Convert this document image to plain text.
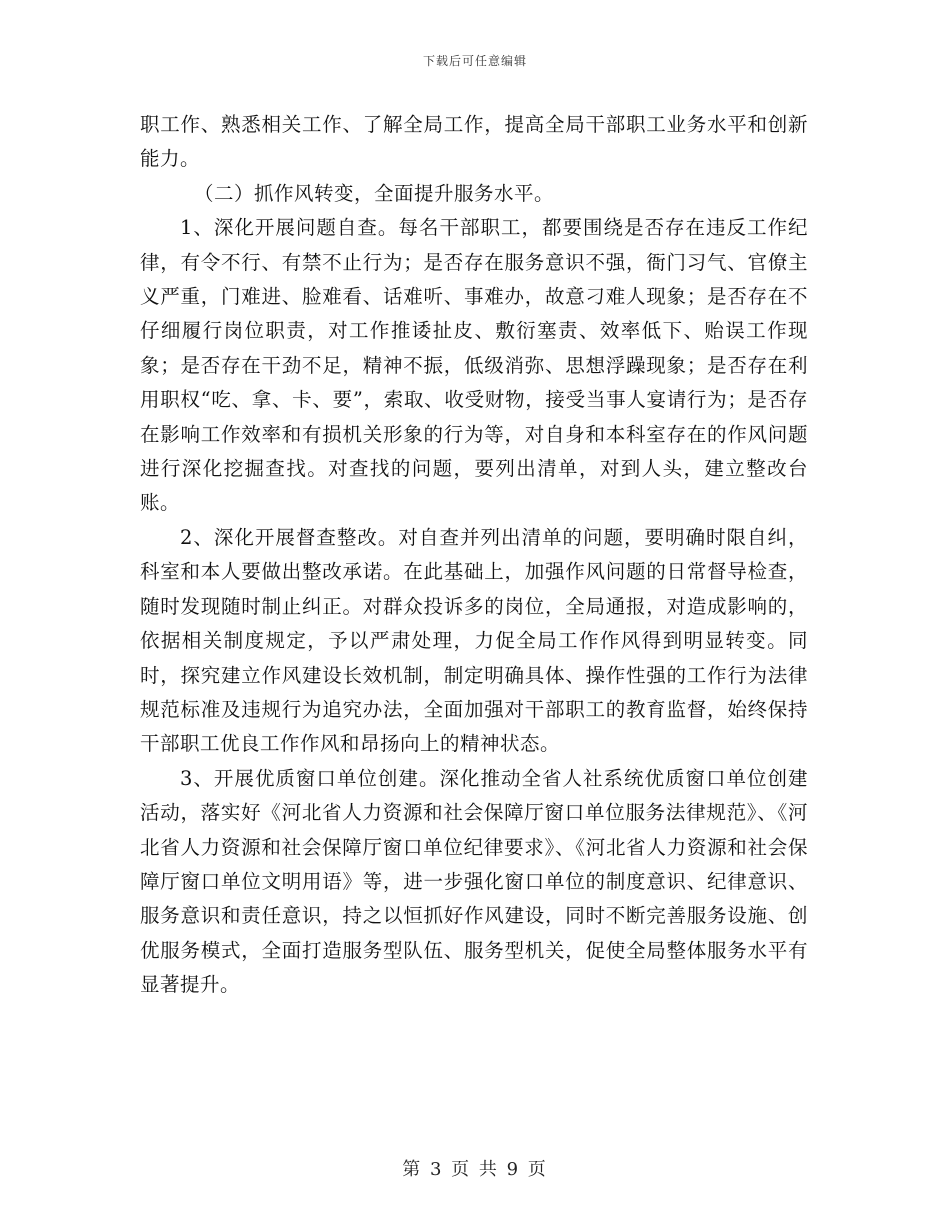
下载后可任意编辑

职工作、熟悉相关工作、了解全局工作，提高全局干部职工业务水平和创新能力。

（二）抓作风转变，全面提升服务水平。

1、深化开展问题自查。每名干部职工，都要围绕是否存在违反工作纪律，有令不行、有禁不止行为；是否存在服务意识不强，衙门习气、官僚主义严重，门难进、脸难看、话难听、事难办，故意刁难人现象；是否存在不仔细履行岗位职责，对工作推诿扯皮、敷衍塞责、效率低下、贻误工作现象；是否存在干劲不足，精神不振，低级消弥、思想浮躁现象；是否存在利用职权“吃、拿、卡、要”，索取、收受财物，接受当事人宴请行为；是否存在影响工作效率和有损机关形象的行为等，对自身和本科室存在的作风问题进行深化挖掘查找。对查找的问题，要列出清单，对到人头，建立整改台账。

2、深化开展督查整改。对自查并列出清单的问题，要明确时限自纠，科室和本人要做出整改承诺。在此基础上，加强作风问题的日常督导检查，随时发现随时制止纠正。对群众投诉多的岗位，全局通报，对造成影响的，依据相关制度规定，予以严肃处理，力促全局工作作风得到明显转变。同时，探究建立作风建设长效机制，制定明确具体、操作性强的工作行为法律规范标准及违规行为追究办法，全面加强对干部职工的教育监督，始终保持干部职工优良工作作风和昂扬向上的精神状态。

3、开展优质窗口单位创建。深化推动全省人社系统优质窗口单位创建活动，落实好《河北省人力资源和社会保障厅窗口单位服务法律规范》、《河北省人力资源和社会保障厅窗口单位纪律要求》、《河北省人力资源和社会保障厅窗口单位文明用语》等，进一步强化窗口单位的制度意识、纪律意识、服务意识和责任意识，持之以恒抓好作风建设，同时不断完善服务设施、创优服务模式，全面打造服务型队伍、服务型机关，促使全局整体服务水平有显著提升。

第 3 页 共 9 页
